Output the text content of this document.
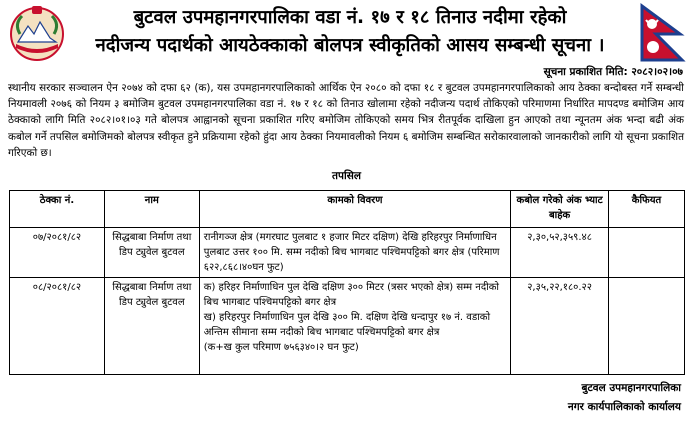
बुटवल उपमहानगरपालिका वडा नं. १७ र १८ तिनाउ नदीमा रहेको
नदीजन्य पदार्थको आयठेक्काको बोलपत्र स्वीकृतिको आसय सम्बन्धी सूचना ।
सूचना प्रकाशित मिति: २०८२।०२।०७
स्थानीय सरकार सञ्चालन ऐन २०७४ को दफा ६२ (क), यस उपमहानगरपालिकाको आर्थिक ऐन २०८० को दफा १८ र बुटवल उपमहानगरपालिकाको आय ठेक्का बन्दोबस्त गर्ने सम्बन्धी नियमावली २०७६ को नियम ३ बमोजिम बुटवल उपमहानगरपालिका वडा नं. १७ र १८ को तिनाउ खोलामा रहेको नदीजन्य पदार्थ तोकिएको परिमाणमा निर्धारित मापदण्ड बमोजिम आय ठेक्काको लागि मिति २०८२।०१।०३ गते बोलपत्र आह्वानको सूचना प्रकाशित गरिए बमोजिम तोकिएको समय भित्र रीतपूर्वक दाखिला हुन आएको तथा न्यूनतम अंक भन्दा बढी अंक कबोल गर्ने तपसिल बमोजिमको बोलपत्र स्वीकृत हुने प्रक्रियामा रहेको हुंदा आय ठेक्का नियमावलीको नियम ६ बमोजिम सम्बन्धित सरोकारवालाको जानकारीको लागि यो सूचना प्रकाशित गरिएको छ।
तपसिल
ठेक्का नं.	नाम	कामको विवरण	कबोल गरेको अंक भ्याट बाहेक	कैफियत
०७/२०८१/८२	सिद्धबाबा निर्माण तथा डिप ट्युवेल बुटवल	रानीगञ्ज क्षेत्र (मगरघाट पुलबाट १ हजार मिटर दक्षिण) देखि हरिहरपुर निर्माणाधिन पुलबाट उत्तर १०० मि. सम्म नदीको बिच भागबाट पश्चिमपट्टिको बगर क्षेत्र (परिमाण ६२२,८६८।४०घन फुट)	२,३०,५२,३५९.४८	
०८/२०८१/८२	सिद्धबाबा निर्माण तथा डिप ट्युवेल बुटवल	क) हरिहर निर्माणाधिन पुल देखि दक्षिण ३०० मिटर (त्रसर भएको क्षेत्र) सम्म नदीको बिच भागबाट पश्चिमपट्टिको बगर क्षेत्र
ख) हरिहरपुर निर्माणाधिन पुल देखि ३०० मि. दक्षिण देखि धन्दापुर १७ नं. वडाको अन्तिम सीमाना सम्म नदीको बिच भागबाट पश्चिमपट्टिको बगर क्षेत्र
(क+ख कुल परिमाण ७५६३४०।२ घन फुट)	२,३५,२२,१८०.२२	
बुटवल उपमहानगरपालिका
नगर कार्यपालिकाको कार्यालय
